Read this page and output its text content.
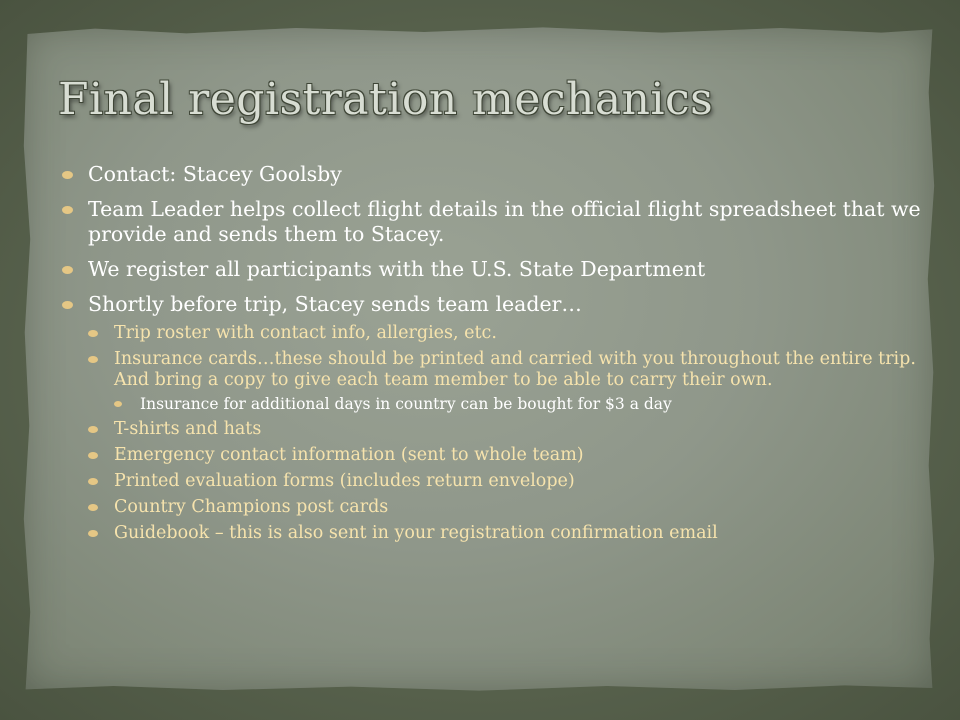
Final registration mechanics
Contact: Stacey Goolsby
Team Leader helps collect flight details in the official flight spreadsheet that we provide and sends them to Stacey.
We register all participants with the U.S. State Department
Shortly before trip, Stacey sends team leader…
Trip roster with contact info, allergies, etc.
Insurance cards…these should be printed and carried with you throughout the entire trip. And bring a copy to give each team member to be able to carry their own.
Insurance for additional days in country can be bought for $3 a day
T-shirts and hats
Emergency contact information (sent to whole team)
Printed evaluation forms (includes return envelope)
Country Champions post cards
Guidebook – this is also sent in your registration confirmation email
